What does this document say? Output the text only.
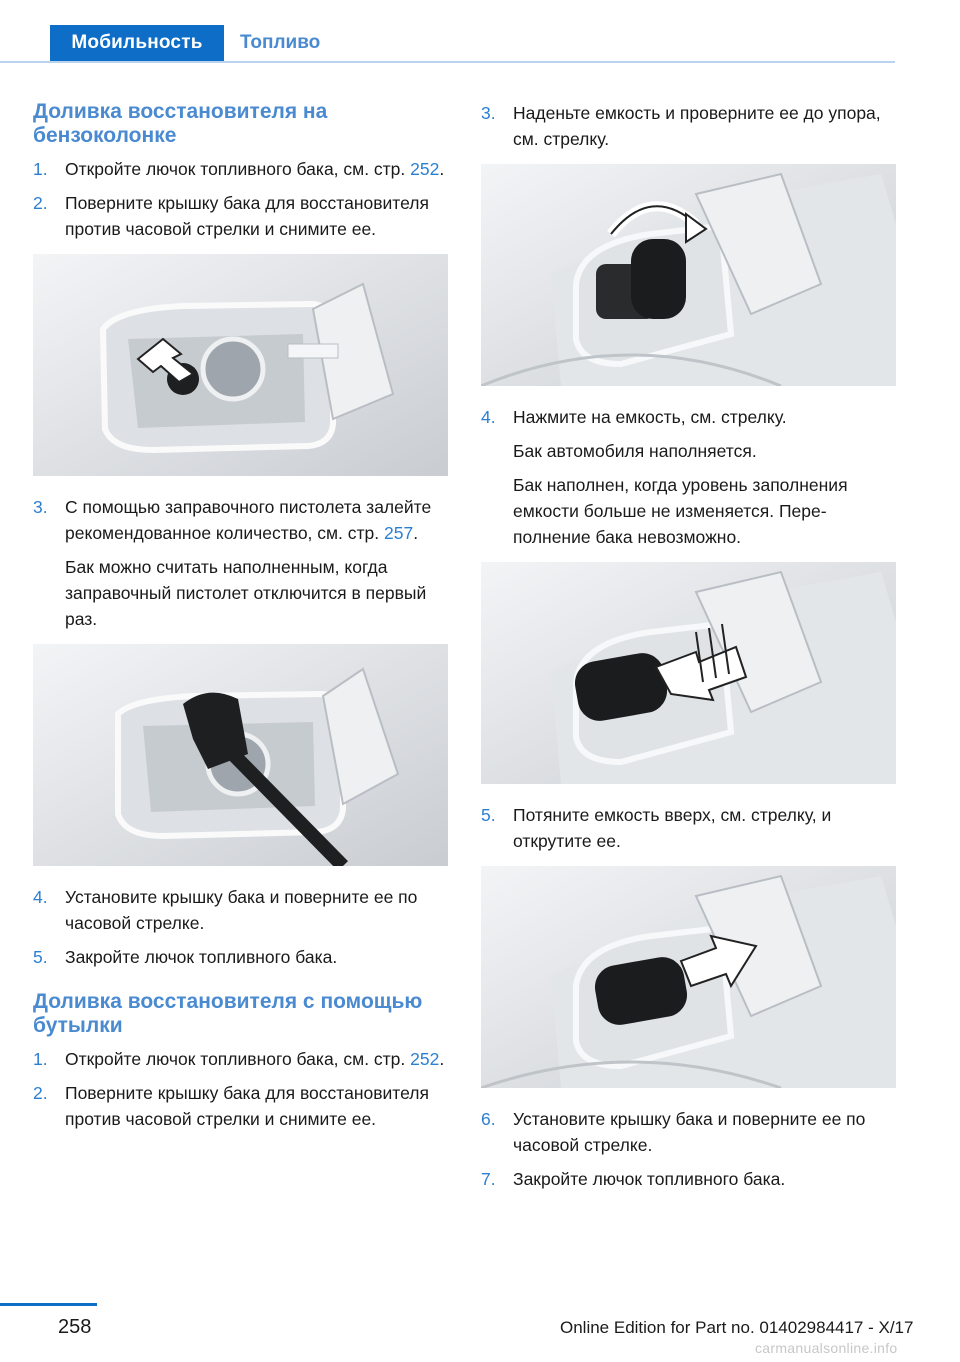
Мобильность	Топливо
Доливка восстановителя на бензоколонке
1. Откройте лючок топливного бака, см. стр. 252.
2. Поверните крышку бака для восстановителя против часовой стрелки и снимите ее.
3. С помощью заправочного пистолета залейте рекомендованное количество, см. стр. 257.
Бак можно считать наполненным, когда заправочный пистолет отключится в первый раз.
4. Установите крышку бака и поверните ее по часовой стрелке.
5. Закройте лючок топливного бака.
Доливка восстановителя с помощью бутылки
1. Откройте лючок топливного бака, см. стр. 252.
2. Поверните крышку бака для восстановителя против часовой стрелки и снимите ее.
3. Наденьте емкость и проверните ее до упора, см. стрелку.
4. Нажмите на емкость, см. стрелку.
Бак автомобиля наполняется.
Бак наполнен, когда уровень заполнения емкости больше не изменяется. Переполнение бака невозможно.
5. Потяните емкость вверх, см. стрелку, и открутите ее.
6. Установите крышку бака и поверните ее по часовой стрелке.
7. Закройте лючок топливного бака.
258	Online Edition for Part no. 01402984417 - X/17
carmanualsonline.info
